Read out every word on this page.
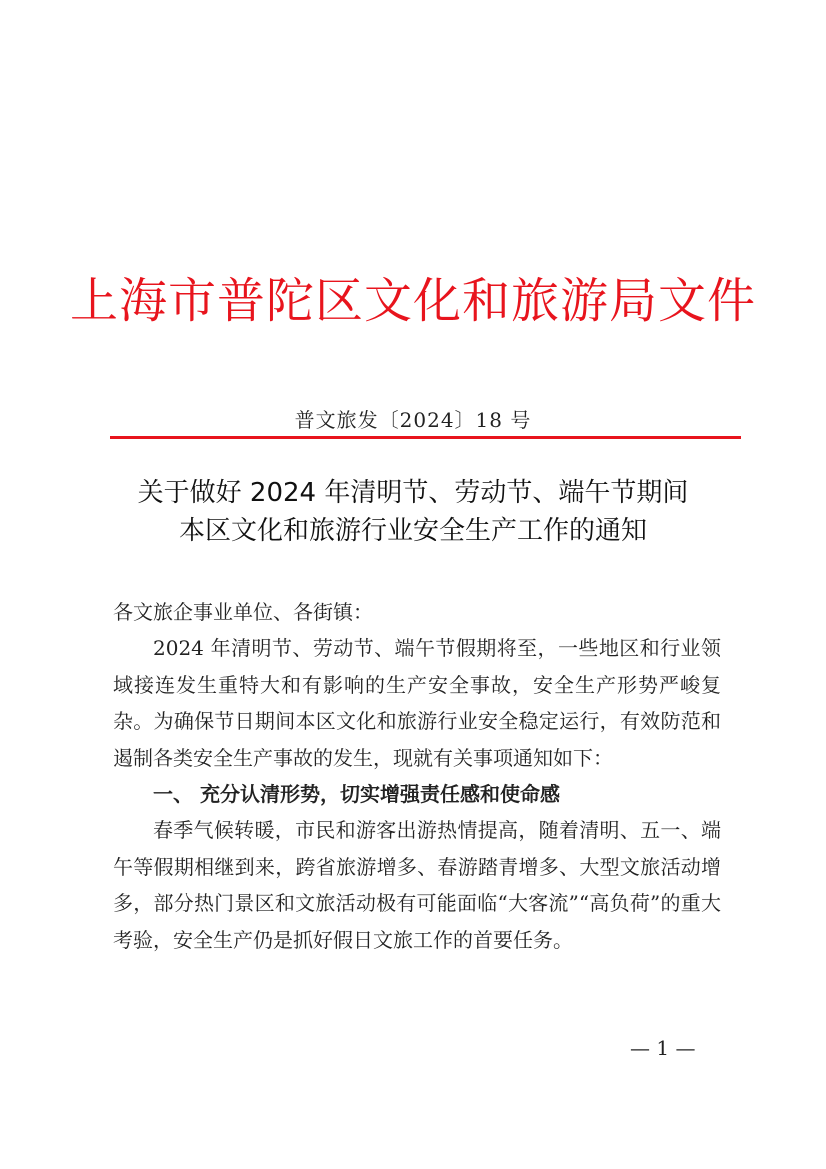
上海市普陀区文化和旅游局文件
普文旅发〔2024〕18 号
关于做好 2024 年清明节、劳动节、端午节期间
本区文化和旅游行业安全生产工作的通知

各文旅企事业单位、各街镇：

2024 年清明节、劳动节、端午节假期将至，一些地区和行业领域接连发生重特大和有影响的生产安全事故，安全生产形势严峻复杂。为确保节日期间本区文化和旅游行业安全稳定运行，有效防范和遏制各类安全生产事故的发生，现就有关事项通知如下：

一、 充分认清形势，切实增强责任感和使命感

春季气候转暖，市民和游客出游热情提高，随着清明、五一、端午等假期相继到来，跨省旅游增多、春游踏青增多、大型文旅活动增多，部分热门景区和文旅活动极有可能面临“大客流”“高负荷”的重大考验，安全生产仍是抓好假日文旅工作的首要任务。

— 1 —
